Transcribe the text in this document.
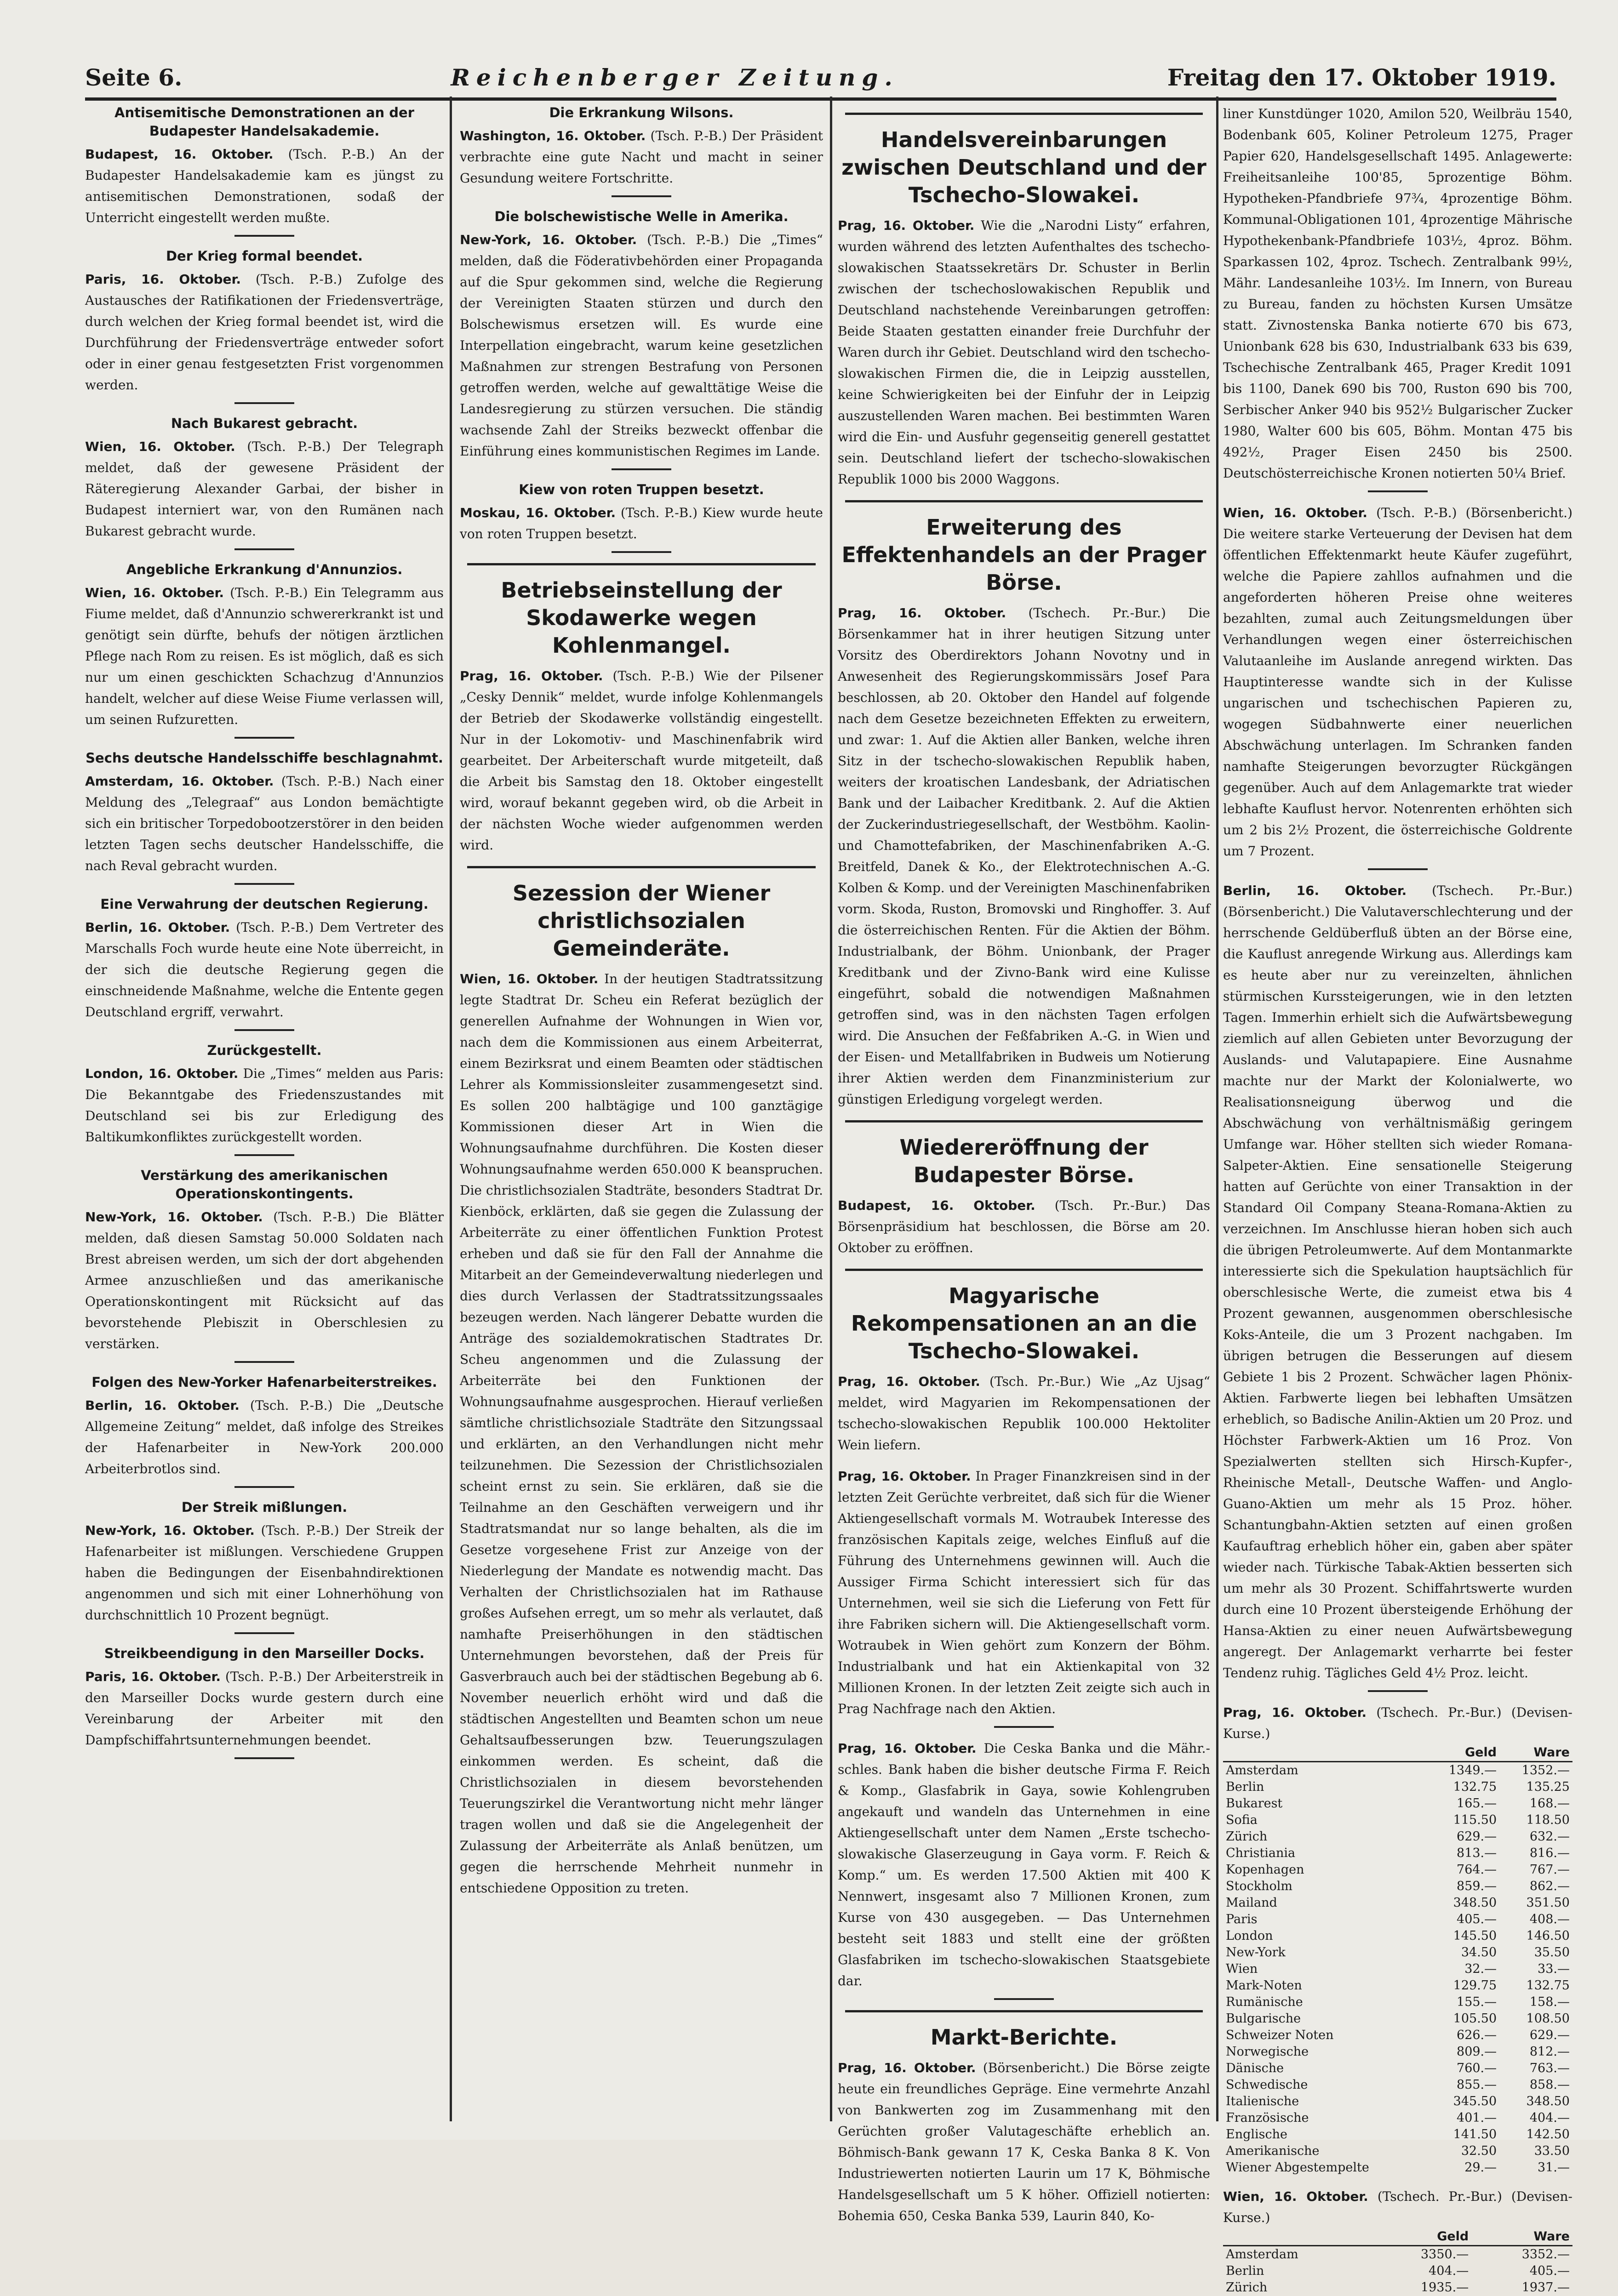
Seite 6.	Reichenberger Zeitung.	Freitag den 17. Oktober 1919.
Antisemitische Demonstrationen an der Budapester Handelsakademie.

Budapest, 16. Oktober. (Tsch. P.-B.) An der Budapester Handelsakademie kam es jüngst zu antisemitischen Demonstrationen, sodaß der Unterricht eingestellt werden mußte.

Der Krieg formal beendet.

Paris, 16. Oktober. (Tsch. P.-B.) Zufolge des Austausches der Ratifikationen der Friedensverträge, durch welchen der Krieg formal beendet ist, wird die Durchführung der Friedensverträge entweder sofort oder in einer genau festgesetzten Frist vorgenommen werden.

Nach Bukarest gebracht.

Wien, 16. Oktober. (Tsch. P.-B.) Der Telegraph meldet, daß der gewesene Präsident der Räteregierung Alexander Garbai, der bisher in Budapest interniert war, von den Rumänen nach Bukarest gebracht wurde.

Angebliche Erkrankung d'Annunzios.

Wien, 16. Oktober. (Tsch. P.-B.) Ein Telegramm aus Fiume meldet, daß d'Annunzio schwererkrankt ist und genötigt sein dürfte, behufs der nötigen ärztlichen Pflege nach Rom zu reisen. Es ist möglich, daß es sich nur um einen geschickten Schachzug d'Annunzios handelt, welcher auf diese Weise Fiume verlassen will, um seinen Rufzuretten.

Sechs deutsche Handelsschiffe beschlagnahmt.

Amsterdam, 16. Oktober. (Tsch. P.-B.) Nach einer Meldung des „Telegraaf“ aus London bemächtigte sich ein britischer Torpedobootzerstörer in den beiden letzten Tagen sechs deutscher Handelsschiffe, die nach Reval gebracht wurden.

Eine Verwahrung der deutschen Regierung.

Berlin, 16. Oktober. (Tsch. P.-B.) Dem Vertreter des Marschalls Foch wurde heute eine Note überreicht, in der sich die deutsche Regierung gegen die einschneidende Maßnahme, welche die Entente gegen Deutschland ergriff, verwahrt.

Zurückgestellt.

London, 16. Oktober. Die „Times“ melden aus Paris: Die Bekanntgabe des Friedenszustandes mit Deutschland sei bis zur Erledigung des Baltikumkonfliktes zurückgestellt worden.

Verstärkung des amerikanischen Operationskontingents.

New-York, 16. Oktober. (Tsch. P.-B.) Die Blätter melden, daß diesen Samstag 50.000 Soldaten nach Brest abreisen werden, um sich der dort abgehenden Armee anzuschließen und das amerikanische Operationskontingent mit Rücksicht auf das bevorstehende Plebiszit in Oberschlesien zu verstärken.

Folgen des New-Yorker Hafenarbeiterstreikes.

Berlin, 16. Oktober. (Tsch. P.-B.) Die „Deutsche Allgemeine Zeitung“ meldet, daß infolge des Streikes der Hafenarbeiter in New-York 200.000 Arbeiterbrotlos sind.

Der Streik mißlungen.

New-York, 16. Oktober. (Tsch. P.-B.) Der Streik der Hafenarbeiter ist mißlungen. Verschiedene Gruppen haben die Bedingungen der Eisenbahndirektionen angenommen und sich mit einer Lohnerhöhung von durchschnittlich 10 Prozent begnügt.

Streikbeendigung in den Marseiller Docks.

Paris, 16. Oktober. (Tsch. P.-B.) Der Arbeiterstreik in den Marseiller Docks wurde gestern durch eine Vereinbarung der Arbeiter mit den Dampfschiffahrtsunternehmungen beendet.

Die Erkrankung Wilsons.

Washington, 16. Oktober. (Tsch. P.-B.) Der Präsident verbrachte eine gute Nacht und macht in seiner Gesundung weitere Fortschritte.

Die bolschewistische Welle in Amerika.

New-York, 16. Oktober. (Tsch. P.-B.) Die „Times“ melden, daß die Föderativbehörden einer Propaganda auf die Spur gekommen sind, welche die Regierung der Vereinigten Staaten stürzen und durch den Bolschewismus ersetzen will. Es wurde eine Interpellation eingebracht, warum keine gesetzlichen Maßnahmen zur strengen Bestrafung von Personen getroffen werden, welche auf gewalttätige Weise die Landesregierung zu stürzen versuchen. Die ständig wachsende Zahl der Streiks bezweckt offenbar die Einführung eines kommunistischen Regimes im Lande.

Kiew von roten Truppen besetzt.

Moskau, 16. Oktober. (Tsch. P.-B.) Kiew wurde heute von roten Truppen besetzt.

Betriebseinstellung der Skodawerke wegen Kohlenmangel.

Prag, 16. Oktober. (Tsch. P.-B.) Wie der Pilsener „Cesky Dennik“ meldet, wurde infolge Kohlenmangels der Betrieb der Skodawerke vollständig eingestellt. Nur in der Lokomotiv- und Maschinenfabrik wird gearbeitet. Der Arbeiterschaft wurde mitgeteilt, daß die Arbeit bis Samstag den 18. Oktober eingestellt wird, worauf bekannt gegeben wird, ob die Arbeit in der nächsten Woche wieder aufgenommen werden wird.

Sezession der Wiener christlichsozialen Gemeinderäte.

Wien, 16. Oktober. In der heutigen Stadtratssitzung legte Stadtrat Dr. Scheu ein Referat bezüglich der generellen Aufnahme der Wohnungen in Wien vor, nach dem die Kommissionen aus einem Arbeiterrat, einem Bezirksrat und einem Beamten oder städtischen Lehrer als Kommissionsleiter zusammengesetzt sind. Es sollen 200 halbtägige und 100 ganztägige Kommissionen dieser Art in Wien die Wohnungsaufnahme durchführen. Die Kosten dieser Wohnungsaufnahme werden 650.000 K beanspruchen. Die christlichsozialen Stadträte, besonders Stadtrat Dr. Kienböck, erklärten, daß sie gegen die Zulassung der Arbeiterräte zu einer öffentlichen Funktion Protest erheben und daß sie für den Fall der Annahme die Mitarbeit an der Gemeindeverwaltung niederlegen und dies durch Verlassen der Stadtratssitzungssaales bezeugen werden. Nach längerer Debatte wurden die Anträge des sozialdemokratischen Stadtrates Dr. Scheu angenommen und die Zulassung der Arbeiterräte bei den Funktionen der Wohnungsaufnahme ausgesprochen. Hierauf verließen sämtliche christlichsoziale Stadträte den Sitzungssaal und erklärten, an den Verhandlungen nicht mehr teilzunehmen. Die Sezession der Christlichsozialen scheint ernst zu sein. Sie erklären, daß sie die Teilnahme an den Geschäften verweigern und ihr Stadtratsmandat nur so lange behalten, als die im Gesetze vorgesehene Frist zur Anzeige von der Niederlegung der Mandate es notwendig macht. Das Verhalten der Christlichsozialen hat im Rathause großes Aufsehen erregt, um so mehr als verlautet, daß namhafte Preiserhöhungen in den städtischen Unternehmungen bevorstehen, daß der Preis für Gasverbrauch auch bei der städtischen Begebung ab 6. November neuerlich erhöht wird und daß die städtischen Angestellten und Beamten schon um neue Gehaltsaufbesserungen bzw. Teuerungszulagen einkommen werden. Es scheint, daß die Christlichsozialen in diesem bevorstehenden Teuerungszirkel die Verantwortung nicht mehr länger tragen wollen und daß sie die Angelegenheit der Zulassung der Arbeiterräte als Anlaß benützen, um gegen die herrschende Mehrheit nunmehr in entschiedene Opposition zu treten.

Handelsvereinbarungen zwischen Deutschland und der Tschecho-Slowakei.

Prag, 16. Oktober. Wie die „Narodni Listy“ erfahren, wurden während des letzten Aufenthaltes des tschecho-slowakischen Staatssekretärs Dr. Schuster in Berlin zwischen der tschechoslowakischen Republik und Deutschland nachstehende Vereinbarungen getroffen: Beide Staaten gestatten einander freie Durchfuhr der Waren durch ihr Gebiet. Deutschland wird den tschecho-slowakischen Firmen die, die in Leipzig ausstellen, keine Schwierigkeiten bei der Einfuhr der in Leipzig auszustellenden Waren machen. Bei bestimmten Waren wird die Ein- und Ausfuhr gegenseitig generell gestattet sein. Deutschland liefert der tschecho-slowakischen Republik 1000 bis 2000 Waggons.

Erweiterung des Effektenhandels an der Prager Börse.

Prag, 16. Oktober. (Tschech. Pr.-Bur.) Die Börsenkammer hat in ihrer heutigen Sitzung unter Vorsitz des Oberdirektors Johann Novotny und in Anwesenheit des Regierungskommissärs Josef Para beschlossen, ab 20. Oktober den Handel auf folgende nach dem Gesetze bezeichneten Effekten zu erweitern, und zwar: 1. Auf die Aktien aller Banken, welche ihren Sitz in der tschecho-slowakischen Republik haben, weiters der kroatischen Landesbank, der Adriatischen Bank und der Laibacher Kreditbank. 2. Auf die Aktien der Zuckerindustriegesellschaft, der Westböhm. Kaolin- und Chamottefabriken, der Maschinenfabriken A.-G. Breitfeld, Danek & Ko., der Elektrotechnischen A.-G. Kolben & Komp. und der Vereinigten Maschinenfabriken vorm. Skoda, Ruston, Bromovski und Ringhoffer. 3. Auf die österreichischen Renten. Für die Aktien der Böhm. Industrialbank, der Böhm. Unionbank, der Prager Kreditbank und der Zivno-Bank wird eine Kulisse eingeführt, sobald die notwendigen Maßnahmen getroffen sind, was in den nächsten Tagen erfolgen wird. Die Ansuchen der Feßfabriken A.-G. in Wien und der Eisen- und Metallfabriken in Budweis um Notierung ihrer Aktien werden dem Finanzministerium zur günstigen Erledigung vorgelegt werden.

Wiedereröffnung der Budapester Börse.

Budapest, 16. Oktober. (Tsch. Pr.-Bur.) Das Börsenpräsidium hat beschlossen, die Börse am 20. Oktober zu eröffnen.

Magyarische Rekompensationen an an die Tschecho-Slowakei.

Prag, 16. Oktober. (Tsch. Pr.-Bur.) Wie „Az Ujsag“ meldet, wird Magyarien im Rekompensationen der tschecho-slowakischen Republik 100.000 Hektoliter Wein liefern.

Prag, 16. Oktober. In Prager Finanzkreisen sind in der letzten Zeit Gerüchte verbreitet, daß sich für die Wiener Aktiengesellschaft vormals M. Wotraubek Interesse des französischen Kapitals zeige, welches Einfluß auf die Führung des Unternehmens gewinnen will. Auch die Aussiger Firma Schicht interessiert sich für das Unternehmen, weil sie sich die Lieferung von Fett für ihre Fabriken sichern will. Die Aktiengesellschaft vorm. Wotraubek in Wien gehört zum Konzern der Böhm. Industrialbank und hat ein Aktienkapital von 32 Millionen Kronen. In der letzten Zeit zeigte sich auch in Prag Nachfrage nach den Aktien.

Prag, 16. Oktober. Die Ceska Banka und die Mähr.-schles. Bank haben die bisher deutsche Firma F. Reich & Komp., Glasfabrik in Gaya, sowie Kohlengruben angekauft und wandeln das Unternehmen in eine Aktiengesellschaft unter dem Namen „Erste tschecho-slowakische Glaserzeugung in Gaya vorm. F. Reich & Komp.“ um. Es werden 17.500 Aktien mit 400 K Nennwert, insgesamt also 7 Millionen Kronen, zum Kurse von 430 ausgegeben. — Das Unternehmen besteht seit 1883 und stellt eine der größten Glasfabriken im tschecho-slowakischen Staatsgebiete dar.

Markt-Berichte.

Prag, 16. Oktober. (Börsenbericht.) Die Börse zeigte heute ein freundliches Gepräge. Eine vermehrte Anzahl von Bankwerten zog im Zusammenhang mit den Gerüchten großer Valutageschäfte erheblich an. Böhmisch-Bank gewann 17 K, Ceska Banka 8 K. Von Industriewerten notierten Laurin um 17 K, Böhmische Handelsgesellschaft um 5 K höher. Offiziell notierten: Bohemia 650, Ceska Banka 539, Laurin 840, Ko-

liner Kunstdünger 1020, Amilon 520, Weilbräu 1540, Bodenbank 605, Koliner Petroleum 1275, Prager Papier 620, Handelsgesellschaft 1495. Anlagewerte: Freiheitsanleihe 100'85, 5prozentige Böhm. Hypotheken-Pfandbriefe 97¾, 4prozentige Böhm. Kommunal-Obligationen 101, 4prozentige Mährische Hypothekenbank-Pfandbriefe 103½, 4proz. Böhm. Sparkassen 102, 4proz. Tschech. Zentralbank 99½, Mähr. Landesanleihe 103½. Im Innern, von Bureau zu Bureau, fanden zu höchsten Kursen Umsätze statt. Zivnostenska Banka notierte 670 bis 673, Unionbank 628 bis 630, Industrialbank 633 bis 639, Tschechische Zentralbank 465, Prager Kredit 1091 bis 1100, Danek 690 bis 700, Ruston 690 bis 700, Serbischer Anker 940 bis 952½ Bulgarischer Zucker 1980, Walter 600 bis 605, Böhm. Montan 475 bis 492½, Prager Eisen 2450 bis 2500. Deutschösterreichische Kronen notierten 50¼ Brief.

Wien, 16. Oktober. (Tsch. P.-B.) (Börsenbericht.) Die weitere starke Verteuerung der Devisen hat dem öffentlichen Effektenmarkt heute Käufer zugeführt, welche die Papiere zahllos aufnahmen und die angeforderten höheren Preise ohne weiteres bezahlten, zumal auch Zeitungsmeldungen über Verhandlungen wegen einer österreichischen Valutaanleihe im Auslande anregend wirkten. Das Hauptinteresse wandte sich in der Kulisse ungarischen und tschechischen Papieren zu, wogegen Südbahnwerte einer neuerlichen Abschwächung unterlagen. Im Schranken fanden namhafte Steigerungen bevorzugter Rückgängen gegenüber. Auch auf dem Anlagemarkte trat wieder lebhafte Kauflust hervor. Notenrenten erhöhten sich um 2 bis 2½ Prozent, die österreichische Goldrente um 7 Prozent.

Berlin, 16. Oktober. (Tschech. Pr.-Bur.) (Börsenbericht.) Die Valutaverschlechterung und der herrschende Geldüberfluß übten an der Börse eine, die Kauflust anregende Wirkung aus. Allerdings kam es heute aber nur zu vereinzelten, ähnlichen stürmischen Kurssteigerungen, wie in den letzten Tagen. Immerhin erhielt sich die Aufwärtsbewegung ziemlich auf allen Gebieten unter Bevorzugung der Auslands- und Valutapapiere. Eine Ausnahme machte nur der Markt der Kolonialwerte, wo Realisationsneigung überwog und die Abschwächung von verhältnismäßig geringem Umfange war. Höher stellten sich wieder Romana-Salpeter-Aktien. Eine sensationelle Steigerung hatten auf Gerüchte von einer Transaktion in der Standard Oil Company Steana-Romana-Aktien zu verzeichnen. Im Anschlusse hieran hoben sich auch die übrigen Petroleumwerte. Auf dem Montanmarkte interessierte sich die Spekulation hauptsächlich für oberschlesische Werte, die zumeist etwa bis 4 Prozent gewannen, ausgenommen oberschlesische Koks-Anteile, die um 3 Prozent nachgaben. Im übrigen betrugen die Besserungen auf diesem Gebiete 1 bis 2 Prozent. Schwächer lagen Phönix-Aktien. Farbwerte liegen bei lebhaften Umsätzen erheblich, so Badische Anilin-Aktien um 20 Proz. und Höchster Farbwerk-Aktien um 16 Proz. Von Spezialwerten stellten sich Hirsch-Kupfer-, Rheinische Metall-, Deutsche Waffen- und Anglo-Guano-Aktien um mehr als 15 Proz. höher. Schantungbahn-Aktien setzten auf einen großen Kaufauftrag erheblich höher ein, gaben aber später wieder nach. Türkische Tabak-Aktien besserten sich um mehr als 30 Prozent. Schiffahrtswerte wurden durch eine 10 Prozent übersteigende Erhöhung der Hansa-Aktien zu einer neuen Aufwärtsbewegung angeregt. Der Anlagemarkt verharrte bei fester Tendenz ruhig. Tägliches Geld 4½ Proz. leicht.

Prag, 16. Oktober. (Tschech. Pr.-Bur.) (Devisen-Kurse.)

	Geld	Ware
Amsterdam	1349.—	1352.—
Berlin	132.75	135.25
Bukarest	165.—	168.—
Sofia	115.50	118.50
Zürich	629.—	632.—
Christiania	813.—	816.—
Kopenhagen	764.—	767.—
Stockholm	859.—	862.—
Mailand	348.50	351.50
Paris	405.—	408.—
London	145.50	146.50
New-York	34.50	35.50
Wien	32.—	33.—
Mark-Noten	129.75	132.75
Rumänische	155.—	158.—
Bulgarische	105.50	108.50
Schweizer Noten	626.—	629.—
Norwegische	809.—	812.—
Dänische	760.—	763.—
Schwedische	855.—	858.—
Italienische	345.50	348.50
Französische	401.—	404.—
Englische	141.50	142.50
Amerikanische	32.50	33.50
Wiener Abgestempelte	29.—	31.—

Wien, 16. Oktober. (Tschech. Pr.-Bur.) (Devisen-Kurse.)

	Geld	Ware
Amsterdam	3350.—	3352.—
Berlin	404.—	405.—
Zürich	1935.—	1937.—
